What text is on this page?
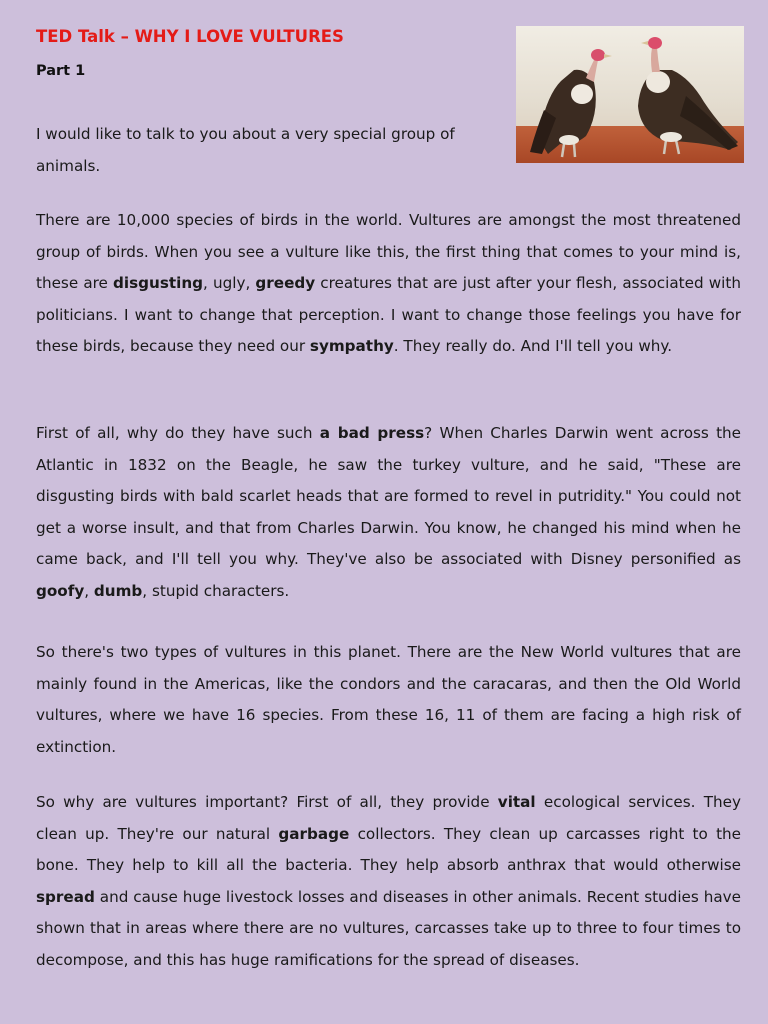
TED Talk – WHY I LOVE VULTURES
Part 1

I would like to talk to you about a very special group of animals.

There are 10,000 species of birds in the world. Vultures are amongst the most threatened group of birds. When you see a vulture like this, the first thing that comes to your mind is, these are disgusting, ugly, greedy creatures that are just after your flesh, associated with politicians. I want to change that perception. I want to change those feelings you have for these birds, because they need our sympathy. They really do. And I'll tell you why.

First of all, why do they have such a bad press? When Charles Darwin went across the Atlantic in 1832 on the Beagle, he saw the turkey vulture, and he said, "These are disgusting birds with bald scarlet heads that are formed to revel in putridity." You could not get a worse insult, and that from Charles Darwin. You know, he changed his mind when he came back, and I'll tell you why. They've also be associated with Disney personified as goofy, dumb, stupid characters.

So there's two types of vultures in this planet. There are the New World vultures that are mainly found in the Americas, like the condors and the caracaras, and then the Old World vultures, where we have 16 species. From these 16, 11 of them are facing a high risk of extinction.

So why are vultures important? First of all, they provide vital ecological services. They clean up. They're our natural garbage collectors. They clean up carcasses right to the bone. They help to kill all the bacteria. They help absorb anthrax that would otherwise spread and cause huge livestock losses and diseases in other animals. Recent studies have shown that in areas where there are no vultures, carcasses take up to three to four times to decompose, and this has huge ramifications for the spread of diseases.
